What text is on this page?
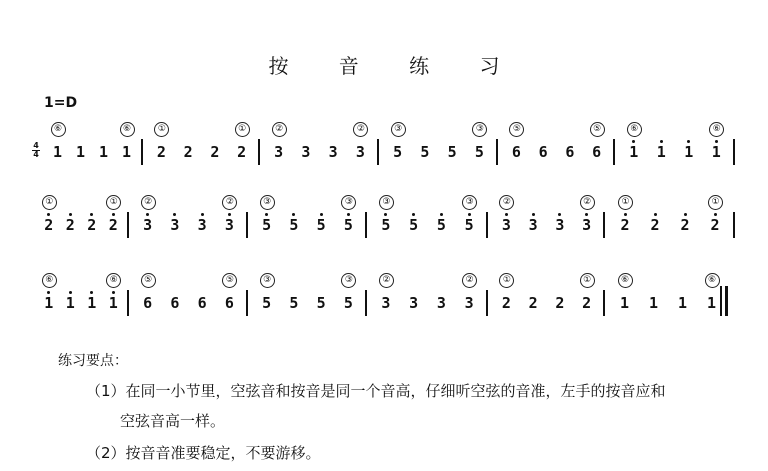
按 音 练 习
1=D
4
4 1
⑥
1 1 1
⑥
2
①
2 2 2
①
3
②
3 3 3
②
5
③
5 5 5
③
6
⑤
6 6 6
⑤
1
⑥
1 1 1
⑥
2
①
2 2 2
①
3
②
3 3 3
②
5
③
5 5 5
③
5
③
5 5 5
③
3
②
3 3 3
②
2
①
2 2 2
①
1
⑥
1 1 1
⑥
6
⑤
6 6 6
⑤
5
③
5 5 5
③
3
②
3 3 3
②
2
①
2 2 2
①
1
⑥
1 1 1
⑥
练习要点：
（1）在同一小节里，空弦音和按音是同一个音高，仔细听空弦的音准，左手的按音应和
空弦音高一样。
（2）按音音准要稳定，不要游移。
